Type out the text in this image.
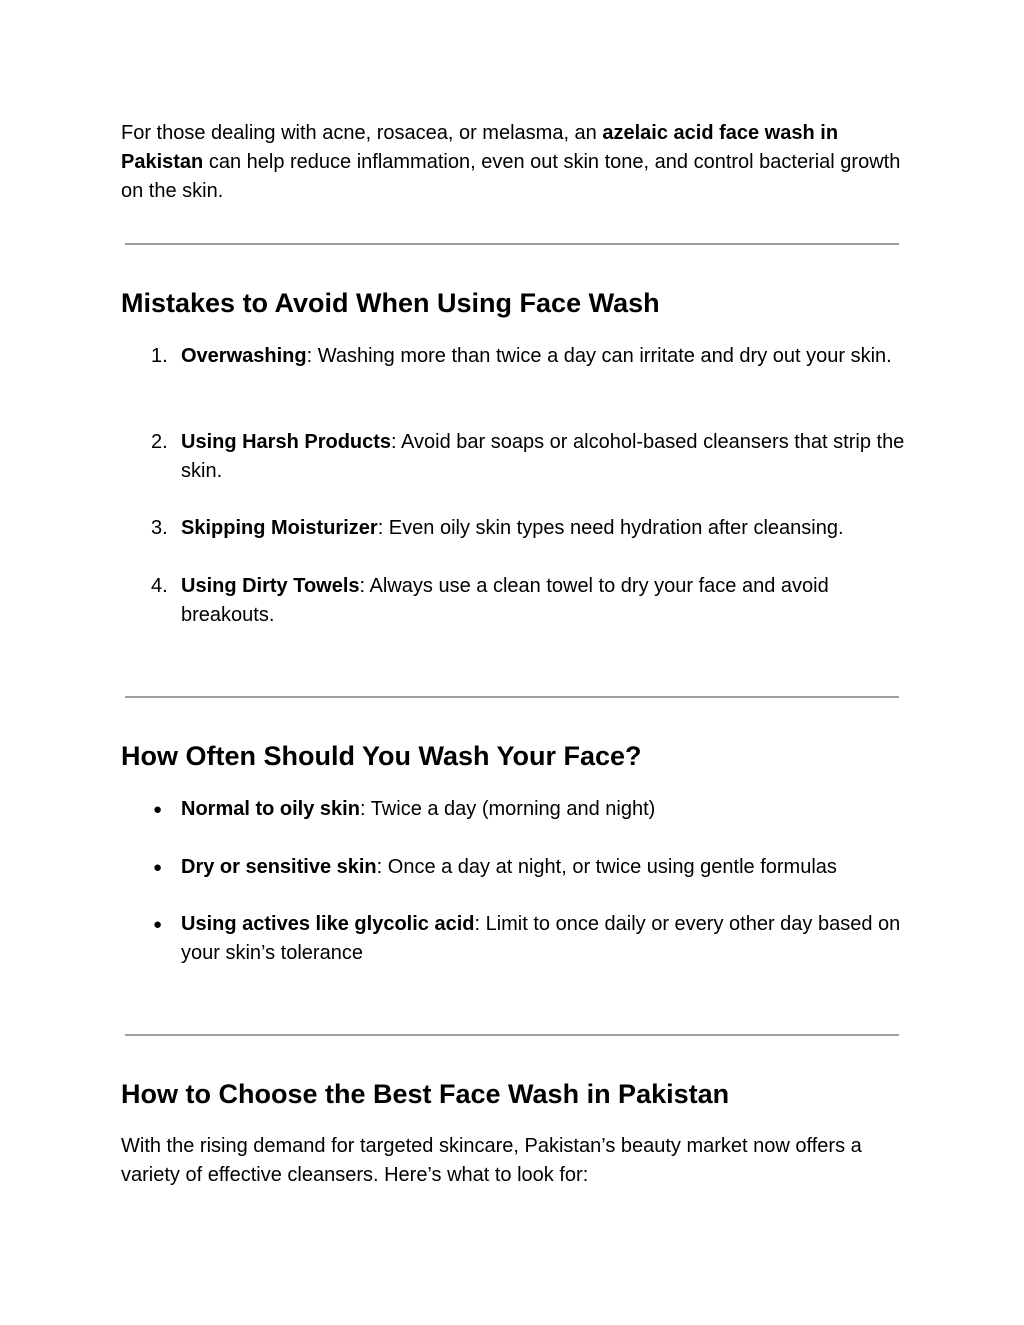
For those dealing with acne, rosacea, or melasma, an azelaic acid face wash in Pakistan can help reduce inflammation, even out skin tone, and control bacterial growth on the skin.

Mistakes to Avoid When Using Face Wash
1. Overwashing: Washing more than twice a day can irritate and dry out your skin.
2. Using Harsh Products: Avoid bar soaps or alcohol-based cleansers that strip the skin.
3. Skipping Moisturizer: Even oily skin types need hydration after cleansing.
4. Using Dirty Towels: Always use a clean towel to dry your face and avoid breakouts.
How Often Should You Wash Your Face?
● Normal to oily skin: Twice a day (morning and night)
● Dry or sensitive skin: Once a day at night, or twice using gentle formulas
● Using actives like glycolic acid: Limit to once daily or every other day based on your skin’s tolerance
How to Choose the Best Face Wash in Pakistan

With the rising demand for targeted skincare, Pakistan’s beauty market now offers a variety of effective cleansers. Here’s what to look for:
